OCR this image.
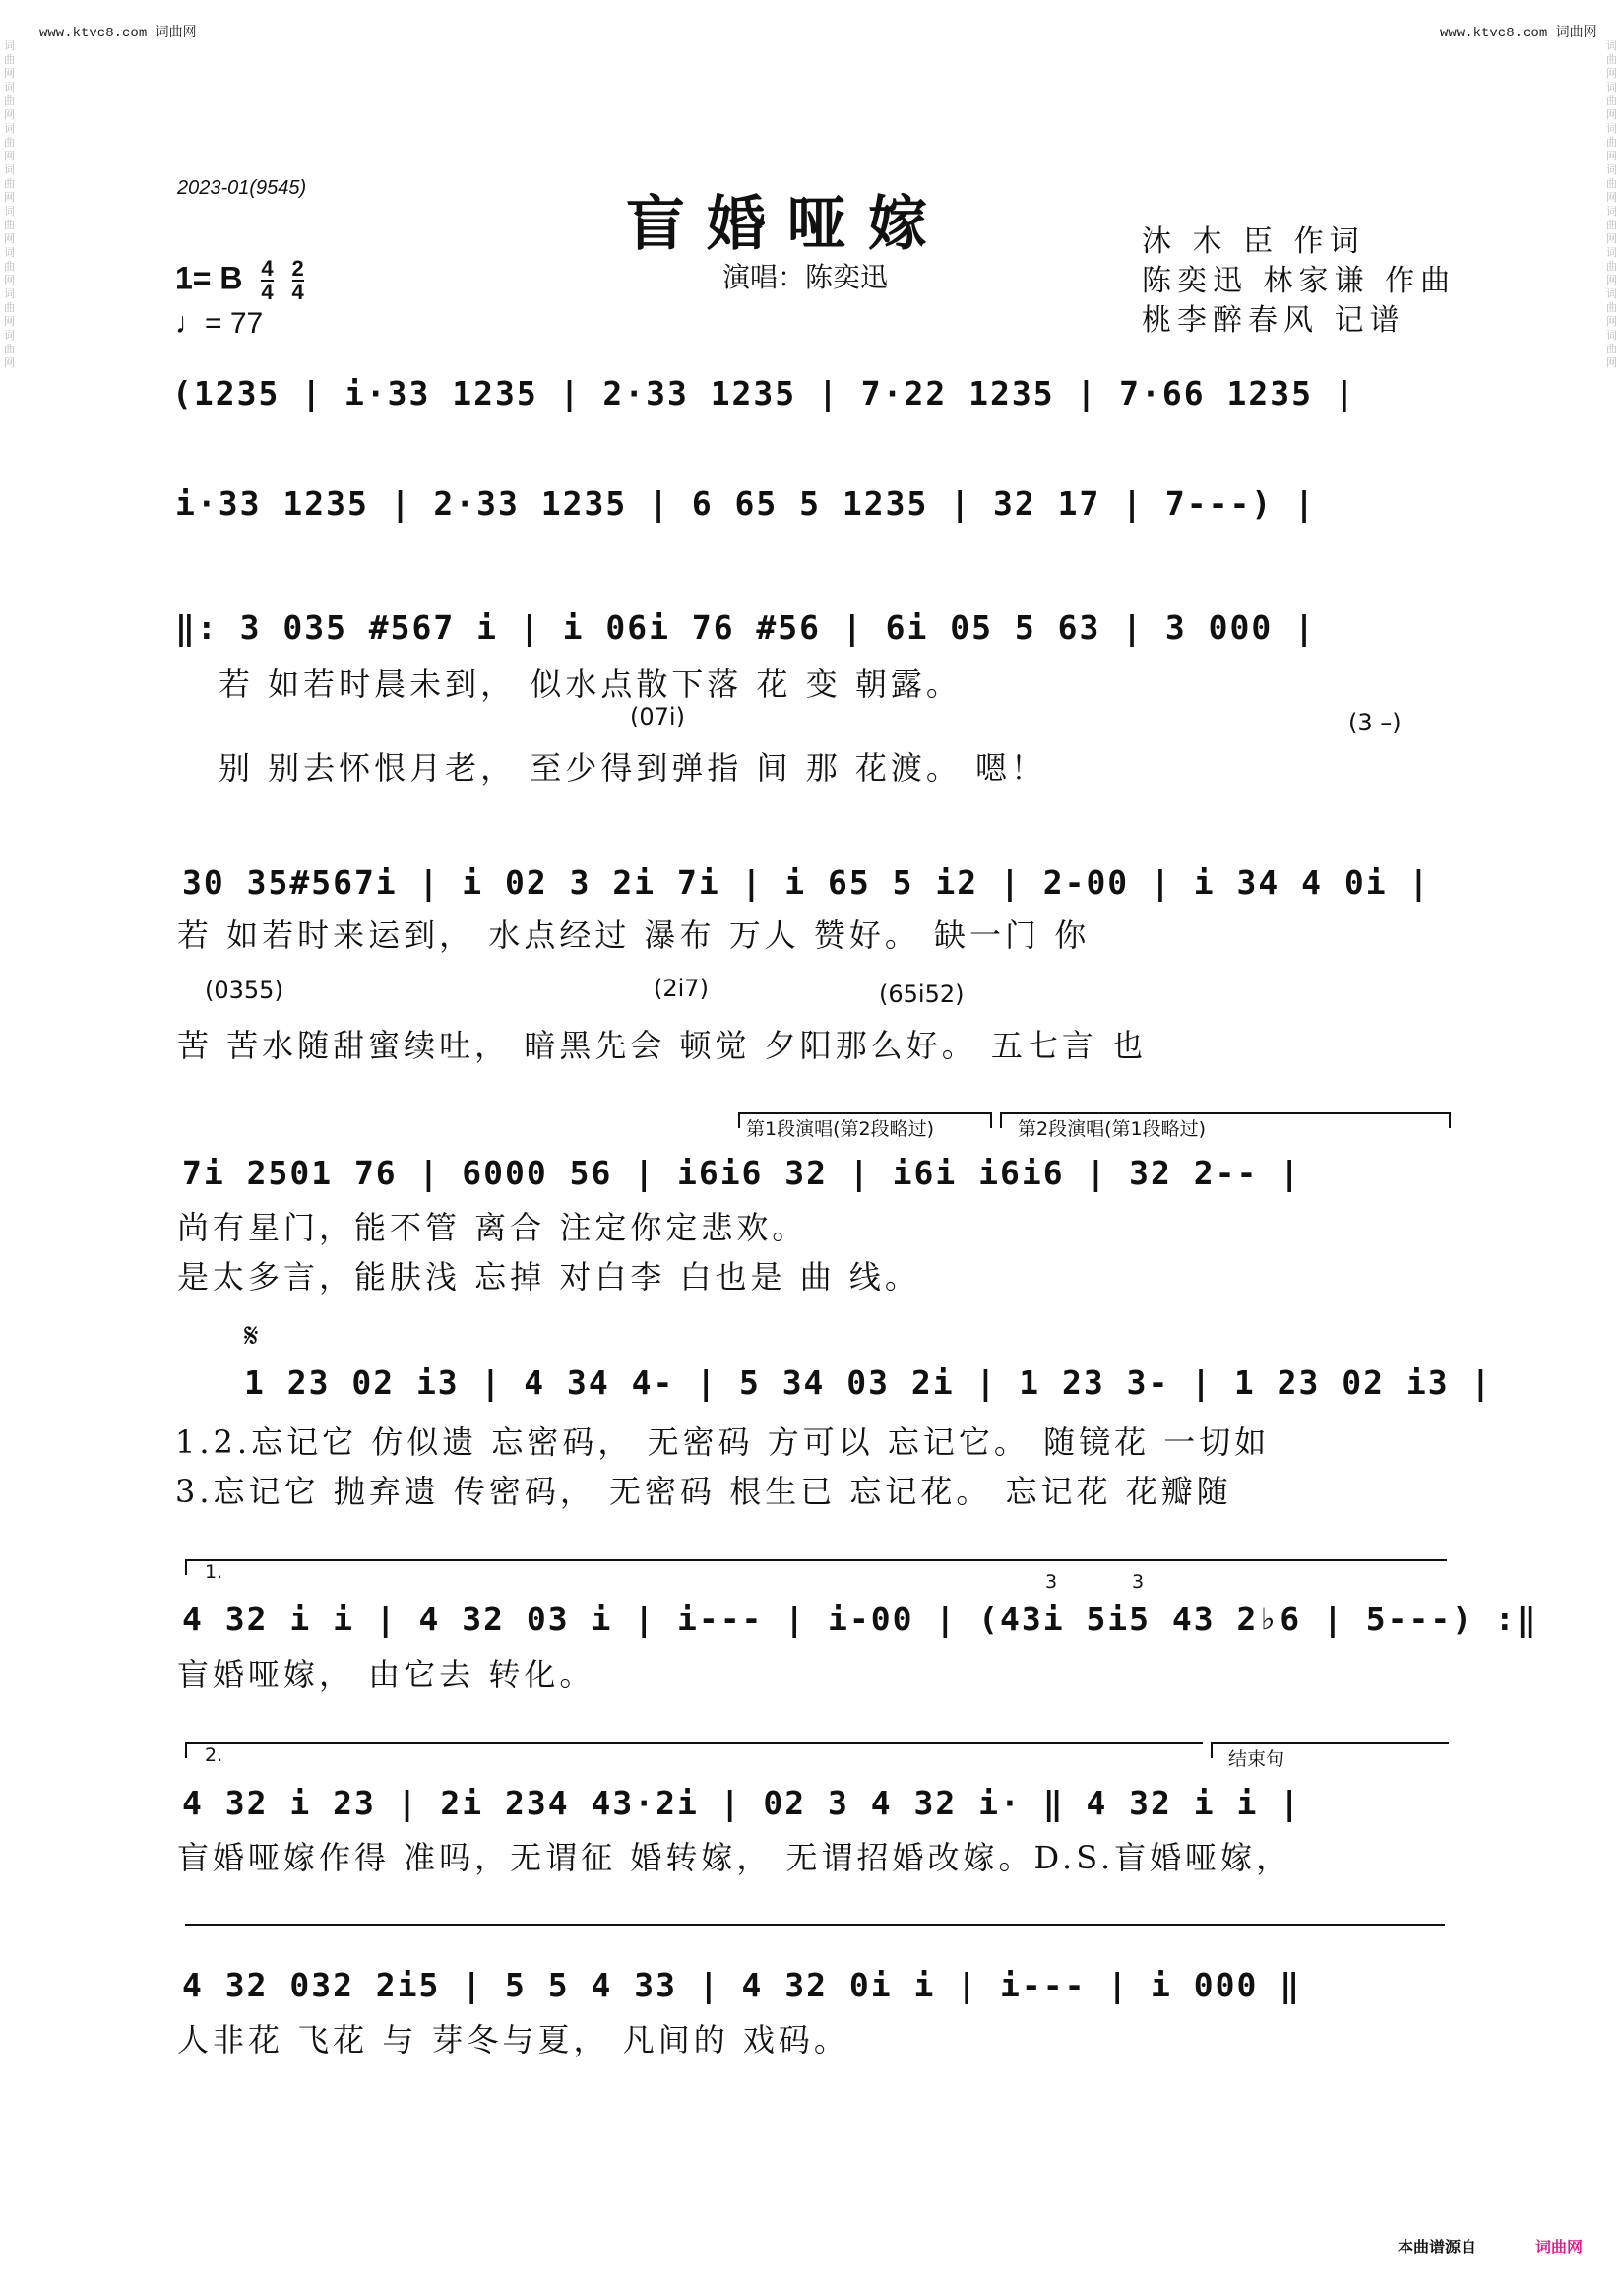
www.ktvc8.com 词曲网	www.ktvc8.com 词曲网
词曲网词曲网词曲网词曲网词曲网词曲网词曲网词曲网
词曲网词曲网词曲网词曲网词曲网词曲网词曲网词曲网
2023-01(9545)
盲婚哑嫁
演唱：陈奕迅
沐 木 臣 作词
陈奕迅 林家谦 作曲
桃李醉春风 记谱
1= B $\frac{4}{4}$
$\frac{2}{4}$
♩= 77
(1235 | i·33 1235 | 2·33 1235 | 7·22 1235 | 7·66 1235 |
i·33 1235 | 2·33 1235 | 6 65 5 1235 | 32 17 | 7---) |
‖: 3 035 #567 i | i 06i 76 #56 | 6i 05 5 63 | 3 000 |
若 如若时晨未到， 似水点散下落 花 变 朝露。
(07i)	(3 –)
别 别去怀恨月老， 至少得到弹指 间 那 花渡。 嗯！
30 35#567i | i 02 3 2i 7i | i 65 5 i2 | 2-00 | i 34 4 0i |
若 如若时来运到， 水点经过 瀑布 万人 赞好。 缺一门 你
(0355)	(2i7)	(65i52)
苦 苦水随甜蜜续吐， 暗黑先会 顿觉 夕阳那么好。 五七言 也
第1段演唱(第2段略过)	第2段演唱(第1段略过)
7i 2501 76 | 6000 56 | i6i6 32 | i6i i6i6 | 32 2-- |
尚有星门，能不管 离合 注定你定悲欢。
是太多言，能肤浅 忘掉 对白李 白也是 曲 线。
𝄋
1 23 02 i3 | 4 34 4- | 5 34 03 2i | 1 23 3- | 1 23 02 i3 |
1.2.忘记它 仿似遗 忘密码， 无密码 方可以 忘记它。 随镜花 一切如
3.忘记它 抛弃遗 传密码， 无密码 根生已 忘记花。 忘记花 花瓣随
1.	3	3
4 32 i i | 4 32 03 i | i--- | i-00 | (43i 5i5 43 2♭6 | 5---) :‖
盲婚哑嫁， 由它去 转化。
2.	结束句
4 32 i 23 | 2i 234 43·2i | 02 3 4 32 i· ‖ 4 32 i i |
盲婚哑嫁作得 准吗，无谓征 婚转嫁， 无谓招婚改嫁。D.S.盲婚哑嫁，
4 32 032 2i5 | 5 5 4 33 | 4 32 0i i | i--- | i 000 ‖
人非花 飞花 与 芽冬与夏， 凡间的 戏码。
本曲谱源自	词曲网
